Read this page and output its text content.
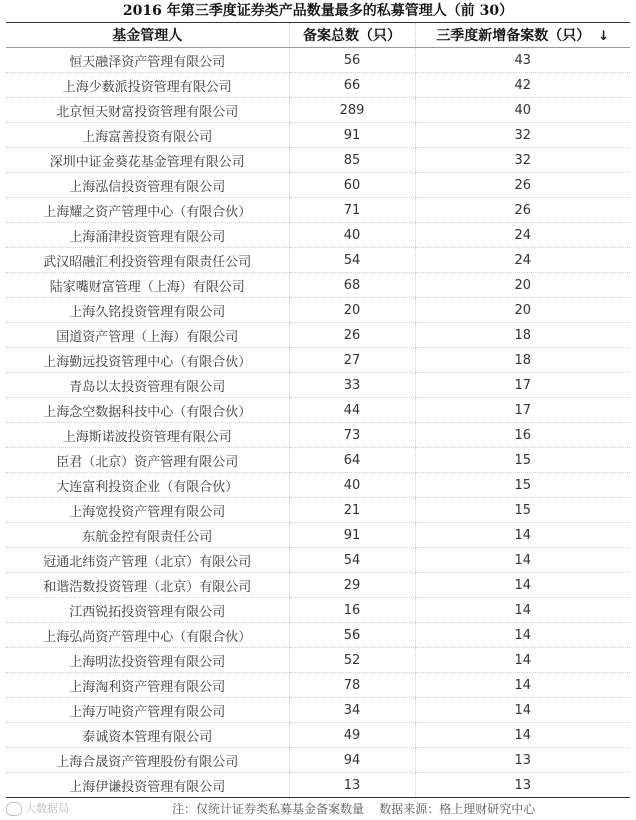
2016 年第三季度证券类产品数量最多的私募管理人（前 30）
基金管理人	备案总数（只）	三季度新增备案数（只） ↓
恒天融泽资产管理有限公司	56	43
上海少薮派投资管理有限公司	66	42
北京恒天财富投资管理有限公司	289	40
上海富善投资有限公司	91	32
深圳中证金葵花基金管理有限公司	85	32
上海泓信投资管理有限公司	60	26
上海耀之资产管理中心（有限合伙）	71	26
上海涌津投资管理有限公司	40	24
武汉昭融汇利投资管理有限责任公司	54	24
陆家嘴财富管理（上海）有限公司	68	20
上海久铭投资管理有限公司	20	20
国道资产管理（上海）有限公司	26	18
上海勤远投资管理中心（有限合伙）	27	18
青岛以太投资管理有限公司	33	17
上海念空数据科技中心（有限合伙）	44	17
上海斯诺波投资管理有限公司	73	16
臣君（北京）资产管理有限公司	64	15
大连富利投资企业（有限合伙）	40	15
上海宽投资产管理有限公司	21	15
东航金控有限责任公司	91	14
冠通北纬资产管理（北京）有限公司	54	14
和谐浩数投资管理（北京）有限公司	29	14
江西锐拓投资管理有限公司	16	14
上海弘尚资产管理中心（有限合伙）	56	14
上海明汯投资管理有限公司	52	14
上海淘利资产管理有限公司	78	14
上海万吨资产管理有限公司	34	14
泰诚资本管理有限公司	49	14
上海合晟资产管理股份有限公司	94	13
上海伊谦投资管理有限公司	13	13
大数据局	注：仅统计证券类私募基金备案数量    数据来源：格上理财研究中心
